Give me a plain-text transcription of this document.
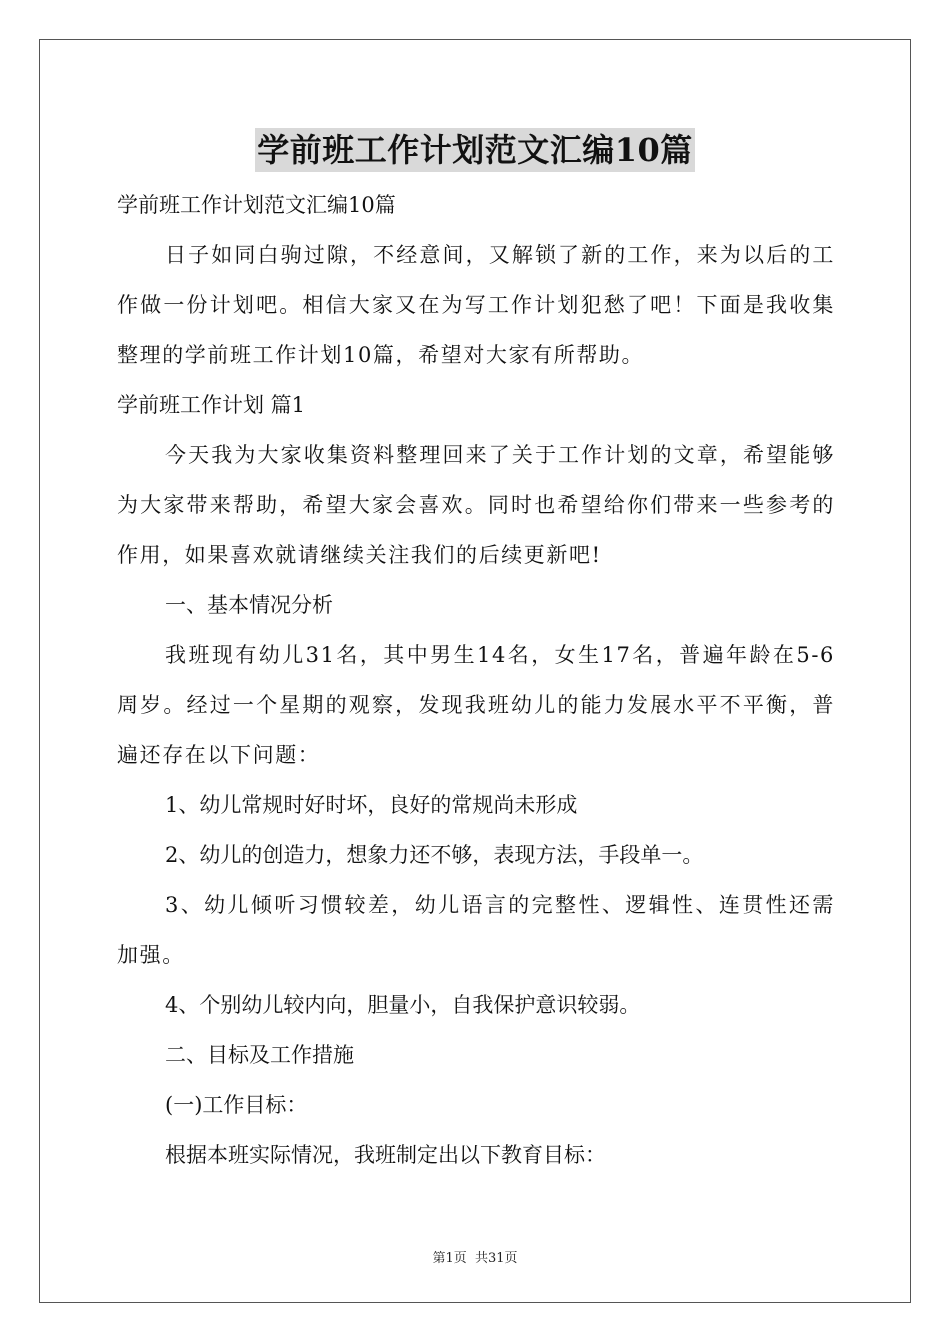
学前班工作计划范文汇编10篇

学前班工作计划范文汇编10篇

日子如同白驹过隙，不经意间，又解锁了新的工作，来为以后的工作做一份计划吧。相信大家又在为写工作计划犯愁了吧！下面是我收集整理的学前班工作计划10篇，希望对大家有所帮助。

学前班工作计划 篇1

今天我为大家收集资料整理回来了关于工作计划的文章，希望能够为大家带来帮助，希望大家会喜欢。同时也希望给你们带来一些参考的作用，如果喜欢就请继续关注我们的后续更新吧!

一、基本情况分析

我班现有幼儿31名，其中男生14名，女生17名，普遍年龄在5-6周岁。经过一个星期的观察，发现我班幼儿的能力发展水平不平衡，普遍还存在以下问题：

1、幼儿常规时好时坏，良好的常规尚未形成

2、幼儿的创造力，想象力还不够，表现方法，手段单一。

3、幼儿倾听习惯较差，幼儿语言的完整性、逻辑性、连贯性还需加强。

4、个别幼儿较内向，胆量小，自我保护意识较弱。

二、目标及工作措施

(一)工作目标：

根据本班实际情况，我班制定出以下教育目标：

第1页 共31页
